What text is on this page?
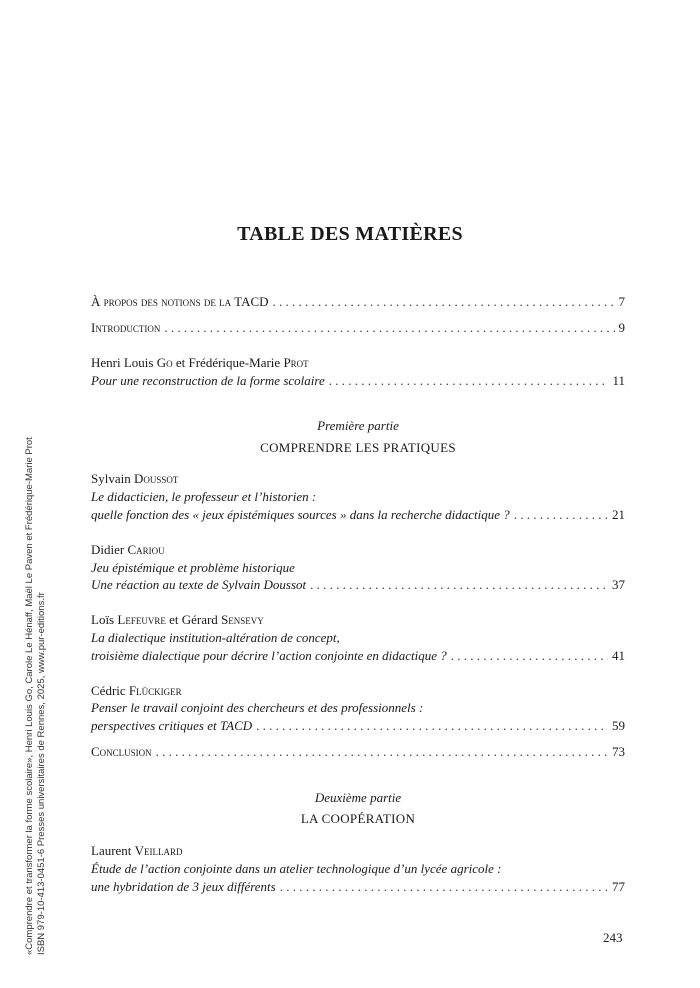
TABLE DES MATIÈRES
À propos des notions de la TACD . . .	7
Introduction . . .	9
Henri Louis Go et Frédérique-Marie Prot
Pour une reconstruction de la forme scolaire . . .	11
Première partie
COMPRENDRE LES PRATIQUES
Sylvain Doussot
Le didacticien, le professeur et l’historien :
quelle fonction des « jeux épistémiques sources » dans la recherche didactique ? . . .	21
Didier Cariou
Jeu épistémique et problème historique
Une réaction au texte de Sylvain Doussot . . .	37
Loïs Lefeuvre et Gérard Sensevy
La dialectique institution-altération de concept,
troisième dialectique pour décrire l’action conjointe en didactique ? . . .	41
Cédric Flückiger
Penser le travail conjoint des chercheurs et des professionnels :
perspectives critiques et TACD . . .	59
Conclusion . . .	73
Deuxième partie
LA COOPÉRATION
Laurent Veillard
Étude de l’action conjointe dans un atelier technologique d’un lycée agricole :
une hybridation de 3 jeux différents . . .	77
243
«Comprendre et transformer la forme scolaire», Henri Louis Go, Carole Le Hénaff, Maël Le Paven et Frédérique-Marie Prot ISBN 979-10-413-0451-6 Presses universitaires de Rennes, 2025, www.pur-editions.fr
